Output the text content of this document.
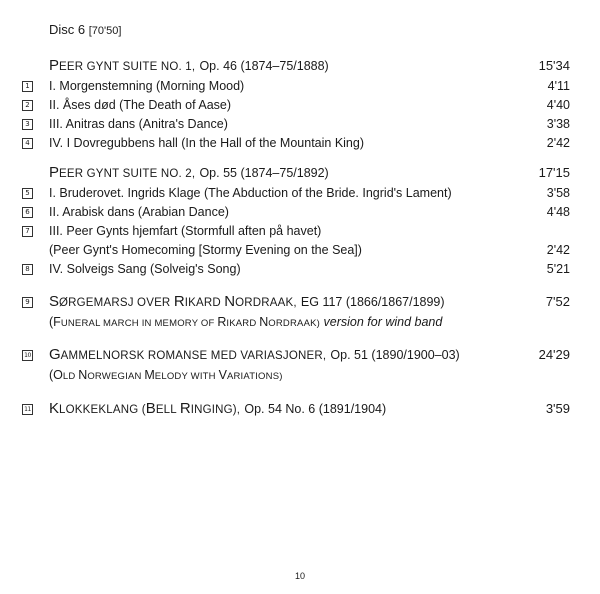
Disc 6 [70'50]
PEER GYNT SUITE NO. 1, Op. 46 (1874–75/1888)	15'34
1 I. Morgenstemning (Morning Mood)	4'11
2 II. Åses død (The Death of Aase)	4'40
3 III. Anitras dans (Anitra's Dance)	3'38
4 IV. I Dovregubbens hall (In the Hall of the Mountain King)	2'42
PEER GYNT SUITE NO. 2, Op. 55 (1874–75/1892)	17'15
5 I. Bruderovet. Ingrids Klage (The Abduction of the Bride. Ingrid's Lament)	3'58
6 II. Arabisk dans (Arabian Dance)	4'48
7 III. Peer Gynts hjemfart (Stormfull aften på havet)
(Peer Gynt's Homecoming [Stormy Evening on the Sea])	2'42
8 IV. Solveigs Sang (Solveig's Song)	5'21
9 SØRGEMARSJ OVER RIKARD NORDRAAK, EG 117 (1866/1867/1899)	7'52
(FUNERAL MARCH IN MEMORY OF RIKARD NORDRAAK) version for wind band
10 GAMMELNORSK ROMANSE MED VARIASJONER, Op. 51 (1890/1900–03)	24'29
(OLD NORWEGIAN MELODY WITH VARIATIONS)
11 KLOKKEKLANG (BELL RINGING), Op. 54 No. 6 (1891/1904)	3'59
10
